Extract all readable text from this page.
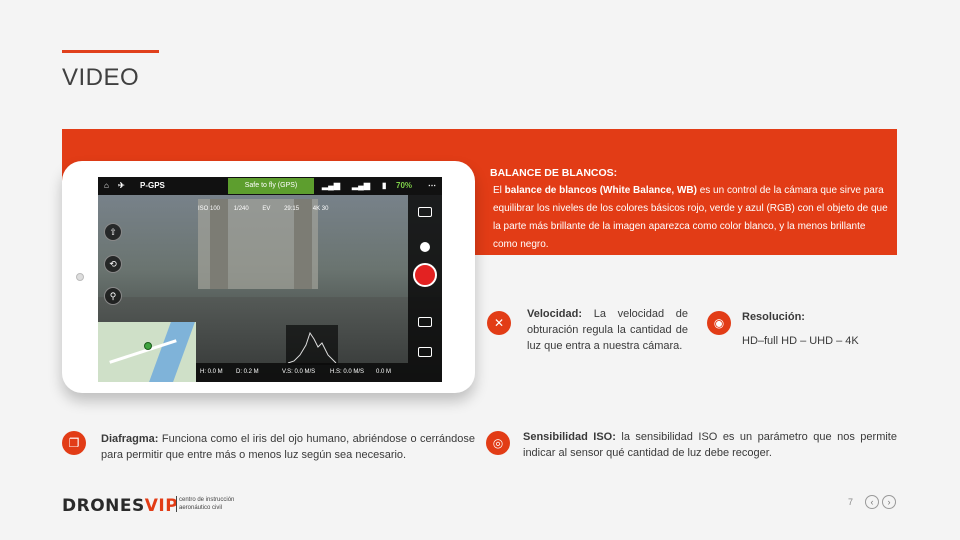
VIDEO
BALANCE DE BLANCOS:
El balance de blancos (White Balance, WB) es un control de la cámara que sirve para equilibrar los niveles de los colores básicos rojo, verde y azul (RGB) con el objeto de que la parte más brillante de la imagen aparezca como color blanco, y la menos brillante como negro.
⌂ ✈ P-GPS	Safe to fly (GPS)	▂▄▆ ▂▄▆ ▮ 70% ⋯
ISO 100 1/240 EV 29:15 4K 30
⇧
⟲
⚲
H: 0.0 M D: 0.2 M	V.S: 0.0 M/S H.S: 0.0 M/S 0.0 M
✕
Velocidad: La velocidad de obturación regula la cantidad de luz que entra a nuestra cámara.
◉	Resolución:
HD–full HD – UHD – 4K
❐	Diafragma: Funciona como el iris del ojo humano, abriéndose o cerrándose para permitir que entre más o menos luz según sea necesario.
◎	Sensibilidad ISO: la sensibilidad ISO es un parámetro que nos permite indicar al sensor qué cantidad de luz debe recoger.
DRONESVIP centro de instrucción
aeronáutico civil
7	‹	›
